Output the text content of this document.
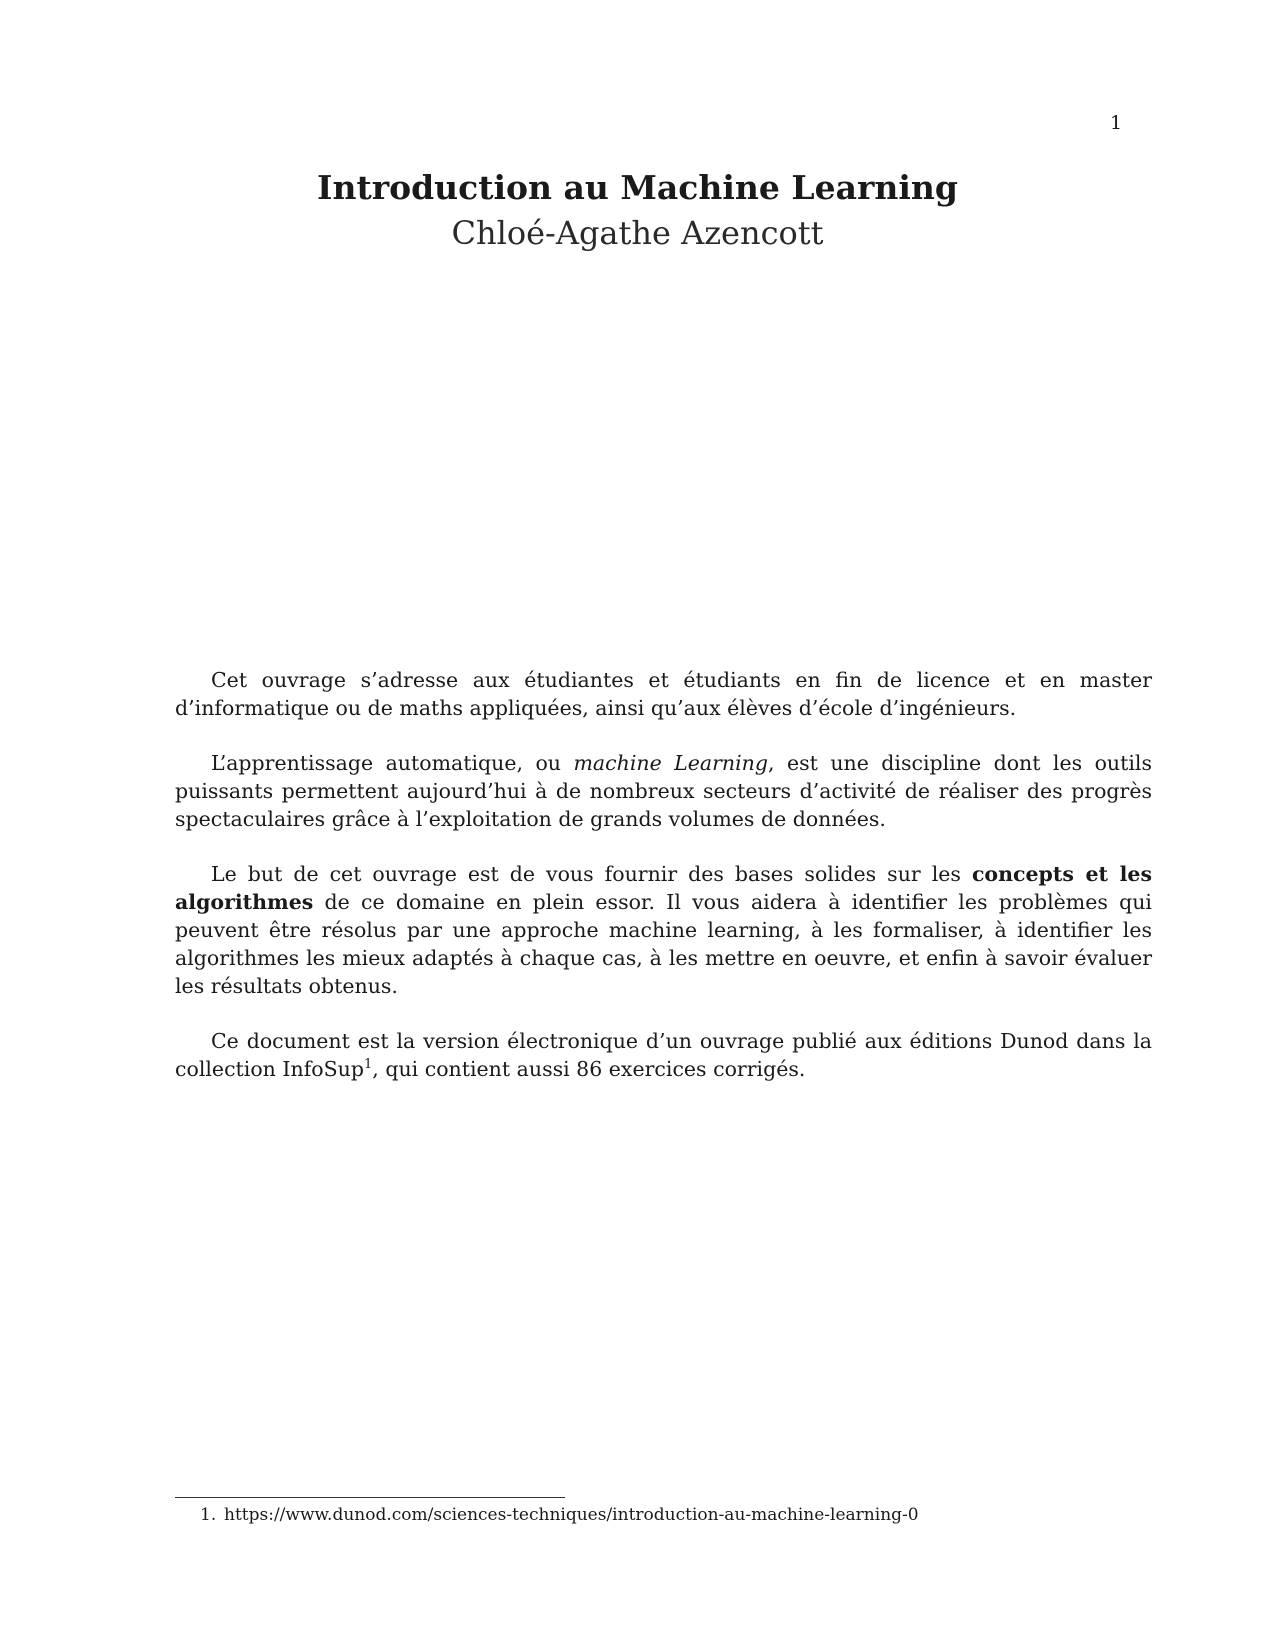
1
Introduction au Machine Learning
Chloé-Agathe Azencott

Cet ouvrage s’adresse aux étudiantes et étudiants en fin de licence et en master d’informatique ou de maths appliquées, ainsi qu’aux élèves d’école d’ingénieurs.

L’apprentissage automatique, ou machine Learning, est une discipline dont les outils puissants permettent aujourd’hui à de nombreux secteurs d’activité de réaliser des progrès spectaculaires grâce à l’exploitation de grands volumes de données.

Le but de cet ouvrage est de vous fournir des bases solides sur les concepts et les algorithmes de ce domaine en plein essor. Il vous aidera à identifier les problèmes qui peuvent être résolus par une approche machine learning, à les formaliser, à identifier les algorithmes les mieux adaptés à chaque cas, à les mettre en oeuvre, et enfin à savoir évaluer les résultats obtenus.

Ce document est la version électronique d’un ouvrage publié aux éditions Dunod dans la collection InfoSup$^1$, qui contient aussi 86 exercices corrigés.

1. https://www.dunod.com/sciences-techniques/introduction-au-machine-learning-0
